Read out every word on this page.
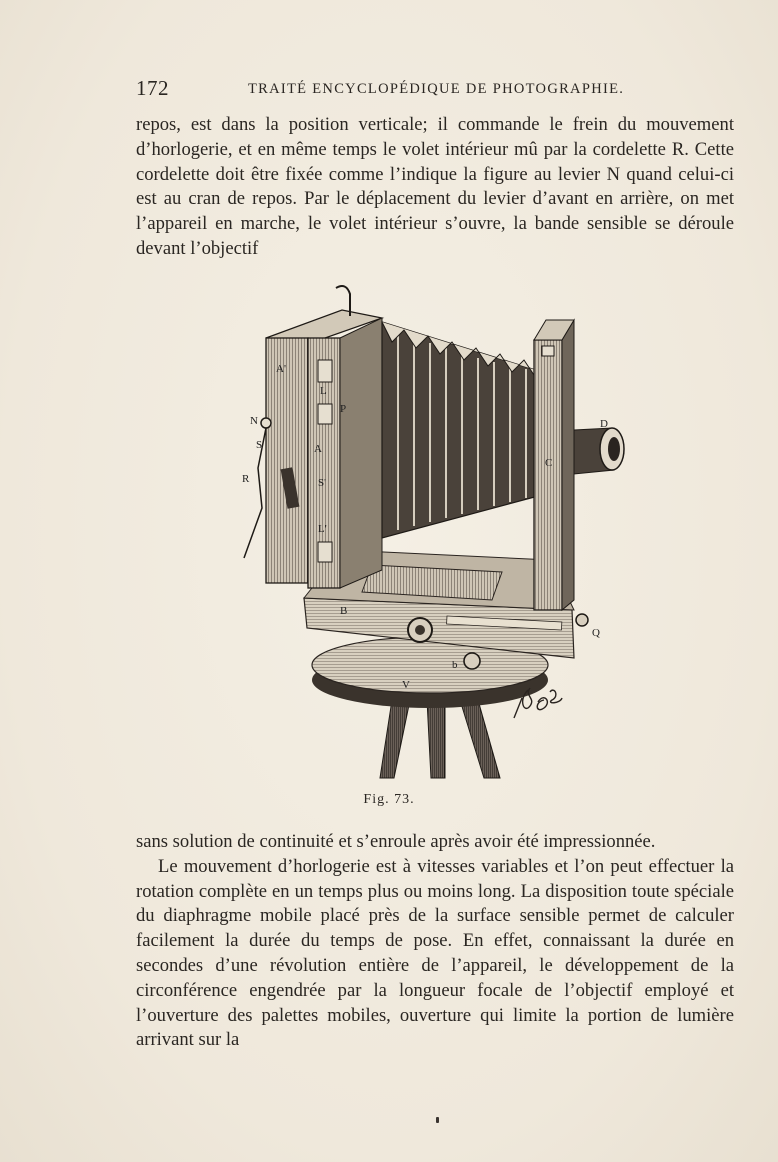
172	TRAITÉ ENCYCLOPÉDIQUE DE PHOTOGRAPHIE.

repos, est dans la position verticale; il commande le frein du mouvement d’horlogerie, et en même temps le volet intérieur mû par la cordelette R. Cette cordelette doit être fixée comme l’indique la figure au levier N quand celui-ci est au cran de repos. Par le déplacement du levier d’avant en arrière, on met l’appareil en marche, le volet intérieur s’ouvre, la bande sensible se déroule devant l’objectif

A'
L
P
N
S	A
S'
R
L'
D
C
B
b
V
Q
Fig. 73.

sans solution de continuité et s’enroule après avoir été impressionnée.

Le mouvement d’horlogerie est à vitesses variables et l’on peut effectuer la rotation complète en un temps plus ou moins long. La disposition toute spéciale du diaphragme mobile placé près de la surface sensible permet de calculer facilement la durée du temps de pose. En effet, connaissant la durée en secondes d’une révolution entière de l’appareil, le développement de la circonférence engendrée par la longueur focale de l’objectif employé et l’ouverture des palettes mobiles, ouverture qui limite la portion de lumière arrivant sur la
